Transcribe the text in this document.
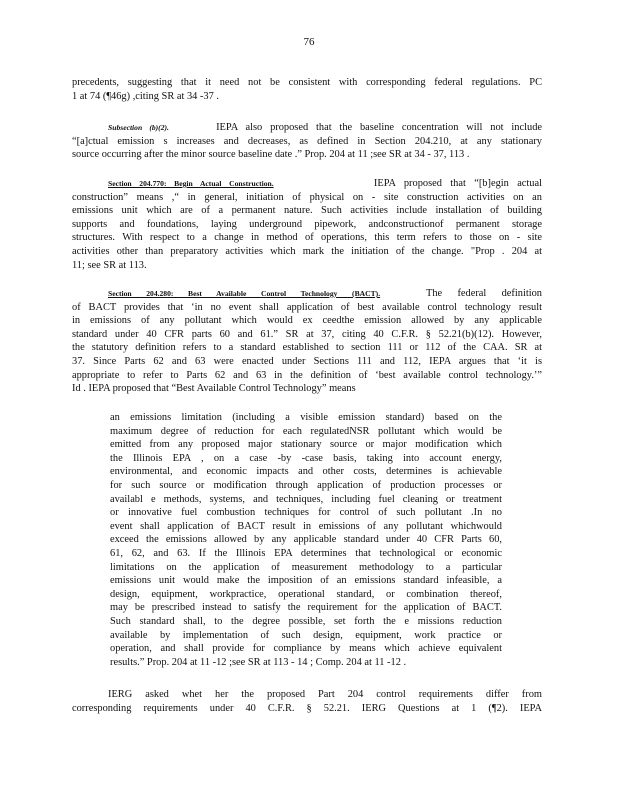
76
precedents, suggesting that it need not be consistent with corresponding federal regulations. PC
1 at 74 (¶46g) ,citing SR at 34 -37 .
Subsection (b)(2).	IEPA also proposed that the baseline concentration will not include
“[a]ctual emission s increases and decreases, as defined in Section 204.210, at any stationary
source occurring after the minor source baseline date .” Prop. 204 at 11 ;see SR at 34 - 37, 113 .
Section 204.770: Begin Actual Construction.	IEPA proposed that “[b]egin actual
construction” means ,“ in general, initiation of physical on - site construction activities on an
emissions unit which are of a permanent nature. Such activities include installation of building
supports and foundations, laying underground pipework, andconstructionof permanent storage
structures. With respect to a change in method of operations, this term refers to those on - site
activities other than preparatory activities which mark the initiation of the change. "Prop . 204 at
11; see SR at 113.
Section 204.280: Best Available Control Technology (BACT).	The federal definition
of BACT provides that ‘in no event shall application of best available control technology result
in emissions of any pollutant which would ex ceedthe emission allowed by any applicable
standard under 40 CFR parts 60 and 61.” SR at 37, citing 40 C.F.R. § 52.21(b)(12). However,
the statutory definition refers to a standard established to section 111 or 112 of the CAA. SR at
37. Since Parts 62 and 63 were enacted under Sections 111 and 112, IEPA argues that ‘it is
appropriate to refer to Parts 62 and 63 in the definition of ‘best available control technology.’”
Id . IEPA proposed that “Best Available Control Technology” means
an emissions limitation (including a visible emission standard) based on the
maximum degree of reduction for each regulatedNSR pollutant which would be
emitted from any proposed major stationary source or major modification which
the Illinois EPA , on a case -by -case basis, taking into account energy,
environmental, and economic impacts and other costs, determines is achievable
for such source or modification through application of production processes or
availabl e methods, systems, and techniques, including fuel cleaning or treatment
or innovative fuel combustion techniques for control of such pollutant .In no
event shall application of BACT result in emissions of any pollutant whichwould
exceed the emissions allowed by any applicable standard under 40 CFR Parts 60,
61, 62, and 63. If the Illinois EPA determines that technological or economic
limitations on the application of measurement methodology to a particular
emissions unit would make the imposition of an emissions standard infeasible, a
design, equipment, workpractice, operational standard, or combination thereof,
may be prescribed instead to satisfy the requirement for the application of BACT.
Such standard shall, to the degree possible, set forth the e missions reduction
available by implementation of such design, equipment, work practice or
operation, and shall provide for compliance by means which achieve equivalent
results.” Prop. 204 at 11 -12 ;see SR at 113 - 14 ; Comp. 204 at 11 -12 .
IERG asked whet her the proposed Part 204 control requirements differ from
corresponding requirements under 40 C.F.R. § 52.21. IERG Questions at 1 (¶2). IEPA
